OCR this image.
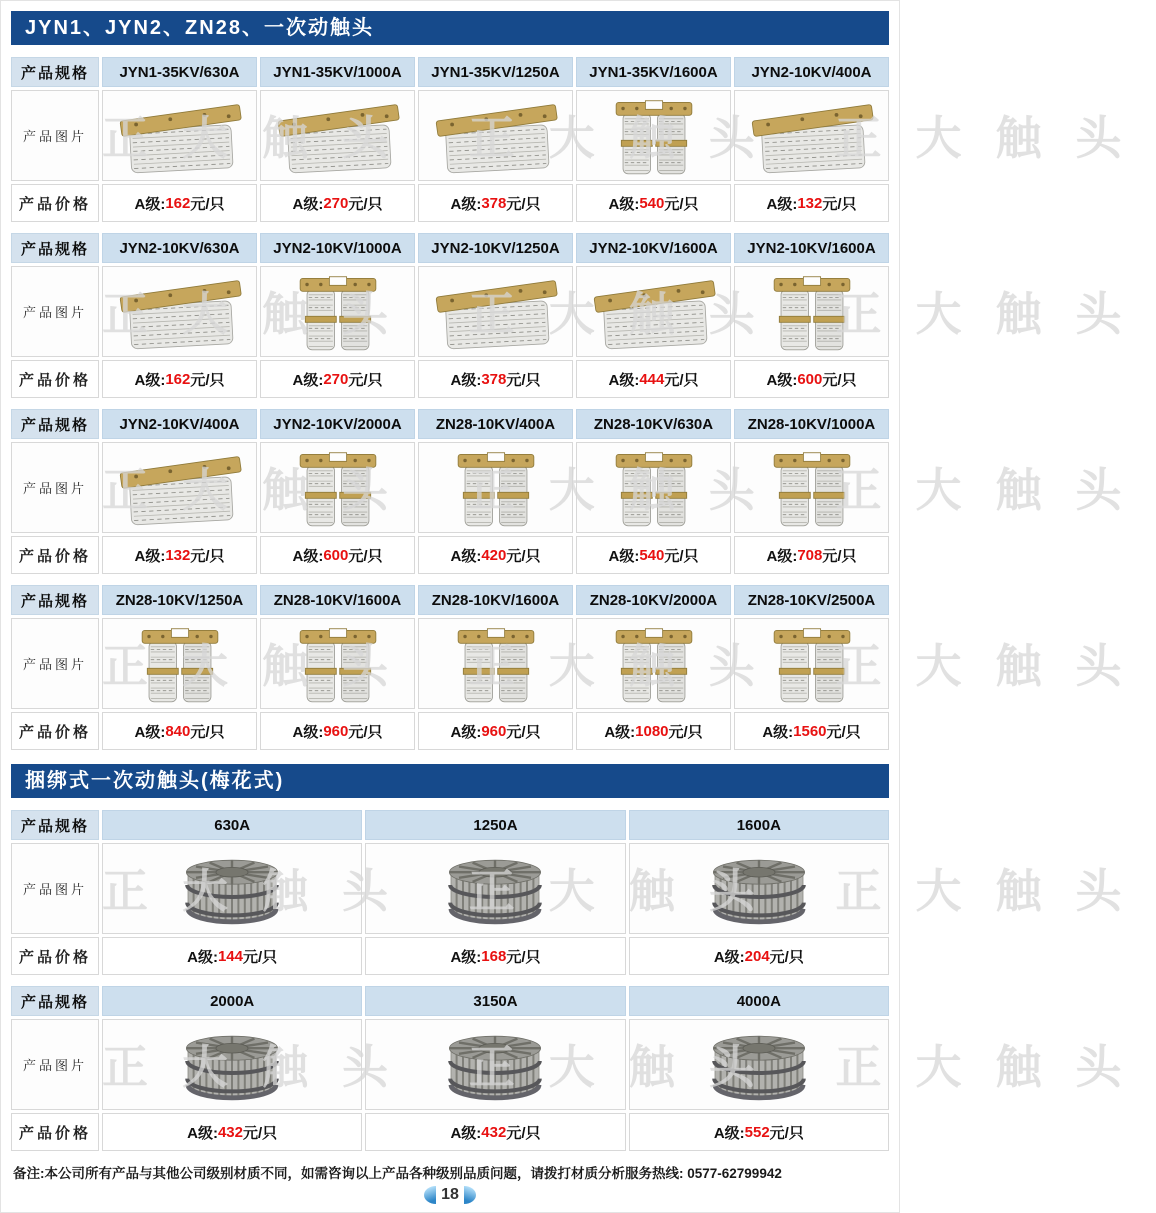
JYN1、JYN2、ZN28、一次动触头
产品规格	JYN1-35KV/630A	JYN1-35KV/1000A	JYN1-35KV/1250A	JYN1-35KV/1600A	JYN2-10KV/400A
产品图片
产品价格	A级: 162 元/只	A级: 270 元/只	A级: 378 元/只	A级: 540 元/只	A级: 132 元/只
正大触头 正大触头 正大触头
产品规格	JYN2-10KV/630A	JYN2-10KV/1000A	JYN2-10KV/1250A	JYN2-10KV/1600A	JYN2-10KV/1600A
产品图片
产品价格	A级: 162 元/只	A级: 270 元/只	A级: 378 元/只	A级: 444 元/只	A级: 600 元/只
正大触头 正大触头 正大触头
产品规格	JYN2-10KV/400A	JYN2-10KV/2000A	ZN28-10KV/400A	ZN28-10KV/630A	ZN28-10KV/1000A
产品图片
产品价格	A级: 132 元/只	A级: 600 元/只	A级: 420 元/只	A级: 540 元/只	A级: 708 元/只
正大触头 正大触头 正大触头
产品规格	ZN28-10KV/1250A	ZN28-10KV/1600A	ZN28-10KV/1600A	ZN28-10KV/2000A	ZN28-10KV/2500A
产品图片
产品价格	A级: 840 元/只	A级: 960 元/只	A级: 960 元/只	A级: 1080 元/只	A级: 1560 元/只
正大触头 正大触头 正大触头
捆绑式一次动触头(梅花式)
产品规格	630A	1250A	1600A
产品图片
产品价格	A级: 144 元/只	A级: 168 元/只	A级: 204 元/只
正大触头 正大触头 正大触头
产品规格	2000A	3150A	4000A
产品图片
产品价格	A级: 432 元/只	A级: 432 元/只	A级: 552 元/只
正大触头 正大触头 正大触头
备注:本公司所有产品与其他公司级别材质不同，如需咨询以上产品各种级别品质问题，请拨打材质分析服务热线: 0577-62799942
18
